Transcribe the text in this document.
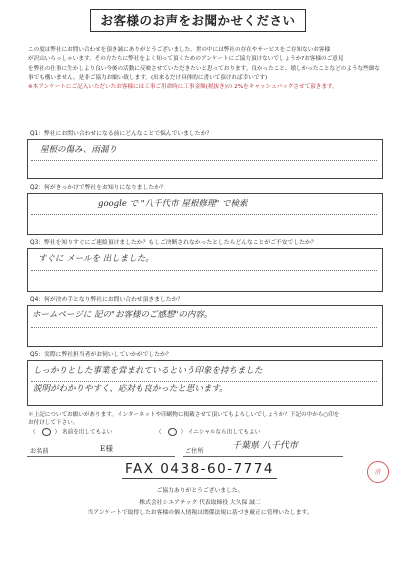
お客様のお声をお聞かせください

この度は弊社にお問い合わせを頂き誠にありがとうございました。世の中には弊社の存在やサービスをご存知ないお客様

が沢山いらっしゃいます。その方たちに弊社をよく知って頂くためのアンケートにご協力頂けないでしょうか?お客様のご意見

を弊社の仕事に生かしより良い今後の活動に反映させていただきたいと思っております。良かったこと、嬉しかったことなどのような些細な

事でも構いません。是非ご協力お願い致します。(出来るだけ具体的に書いて頂ければ幸いです)

※本アンケートにご記入いただいたお客様には工事ご用命時に工事金額(税抜き)の 2%をキャッシュバックさせて頂きます。

Q1：弊社にお問い合わせになる前にどんなことで悩んでいましたか？
屋根の傷み、雨漏り
Q2：何がきっかけで弊社をお知りになりましたか？
google で "八千代市 屋根修理" で検索
Q3：弊社を知りすぐにご連絡頂けましたか？もしご決断されなかったとしたらどんなことがご不安でしたか？
すぐに メールを 出しました。
Q4：何が決め手となり弊社にお問い合わせ頂きましたか？
ホームページに 記の"お客様のご感想"の内容。
Q5：実際に弊社担当者がお伺いしていかがでしたか？
しっかりとした事業を営まれているという印象を持ちました
説明がわかりやすく、応対も良かったと思います。
＊上記についてお願いがあります。インターネットや印刷物に掲載させて頂いてもよろしいでしょうか？下記の中から○印を
お付けして下さい。
（	） 名前を出してもよい	（	） イニシャルなら出してもよい
お名前	E様	ご住所
千葉県 八千代市
FAX 0438-60-7774	済
ご協力ありがとうございました。
株式会社シエアテック 代表取締役 大久保 誠二
当アンケートで取得したお客様の個人情報は関係法規に基づき厳正に管理いたします。
